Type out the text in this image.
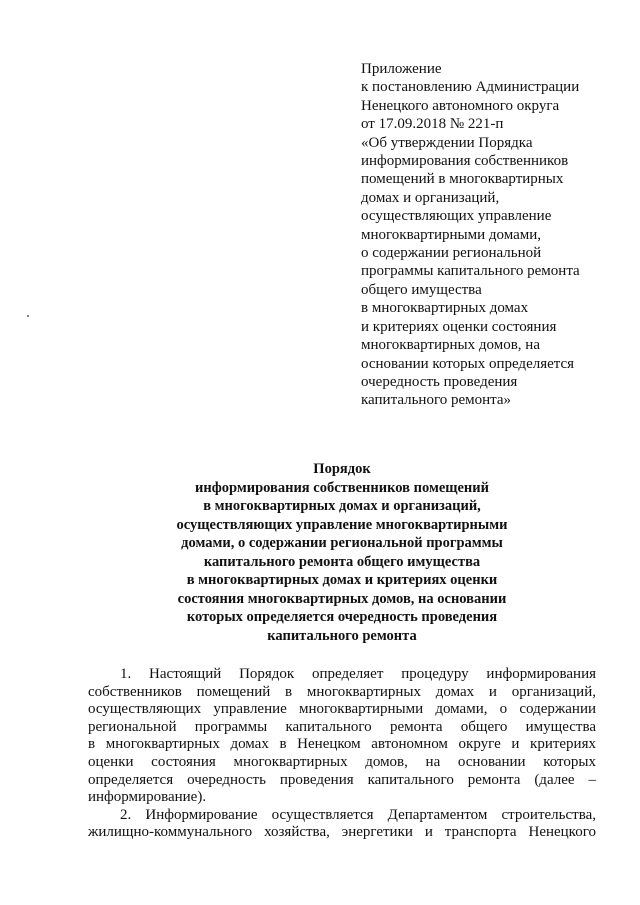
Приложение
к постановлению Администрации
Ненецкого автономного округа
от 17.09.2018 № 221-п
«Об утверждении Порядка
информирования собственников
помещений в многоквартирных
домах и организаций,
осуществляющих управление
многоквартирными домами,
о содержании региональной
программы капитального ремонта
общего имущества
в многоквартирных домах
и критериях оценки состояния
многоквартирных домов, на
основании которых определяется
очередность проведения
капитального ремонта»
Порядок
информирования собственников помещений
в многоквартирных домах и организаций,
осуществляющих управление многоквартирными
домами, о содержании региональной программы
капитального ремонта общего имущества
в многоквартирных домах и критериях оценки
состояния многоквартирных домов, на основании
которых определяется очередность проведения
капитального ремонта
1. Настоящий Порядок определяет процедуру информирования
собственников помещений в многоквартирных домах и организаций,
осуществляющих управление многоквартирными домами, о содержании
региональной программы капитального ремонта общего имущества
в многоквартирных домах в Ненецком автономном округе и критериях
оценки состояния многоквартирных домов, на основании которых
определяется очередность проведения капитального ремонта (далее –
информирование).
2. Информирование осуществляется Департаментом строительства,
жилищно-коммунального хозяйства, энергетики и транспорта Ненецкого
